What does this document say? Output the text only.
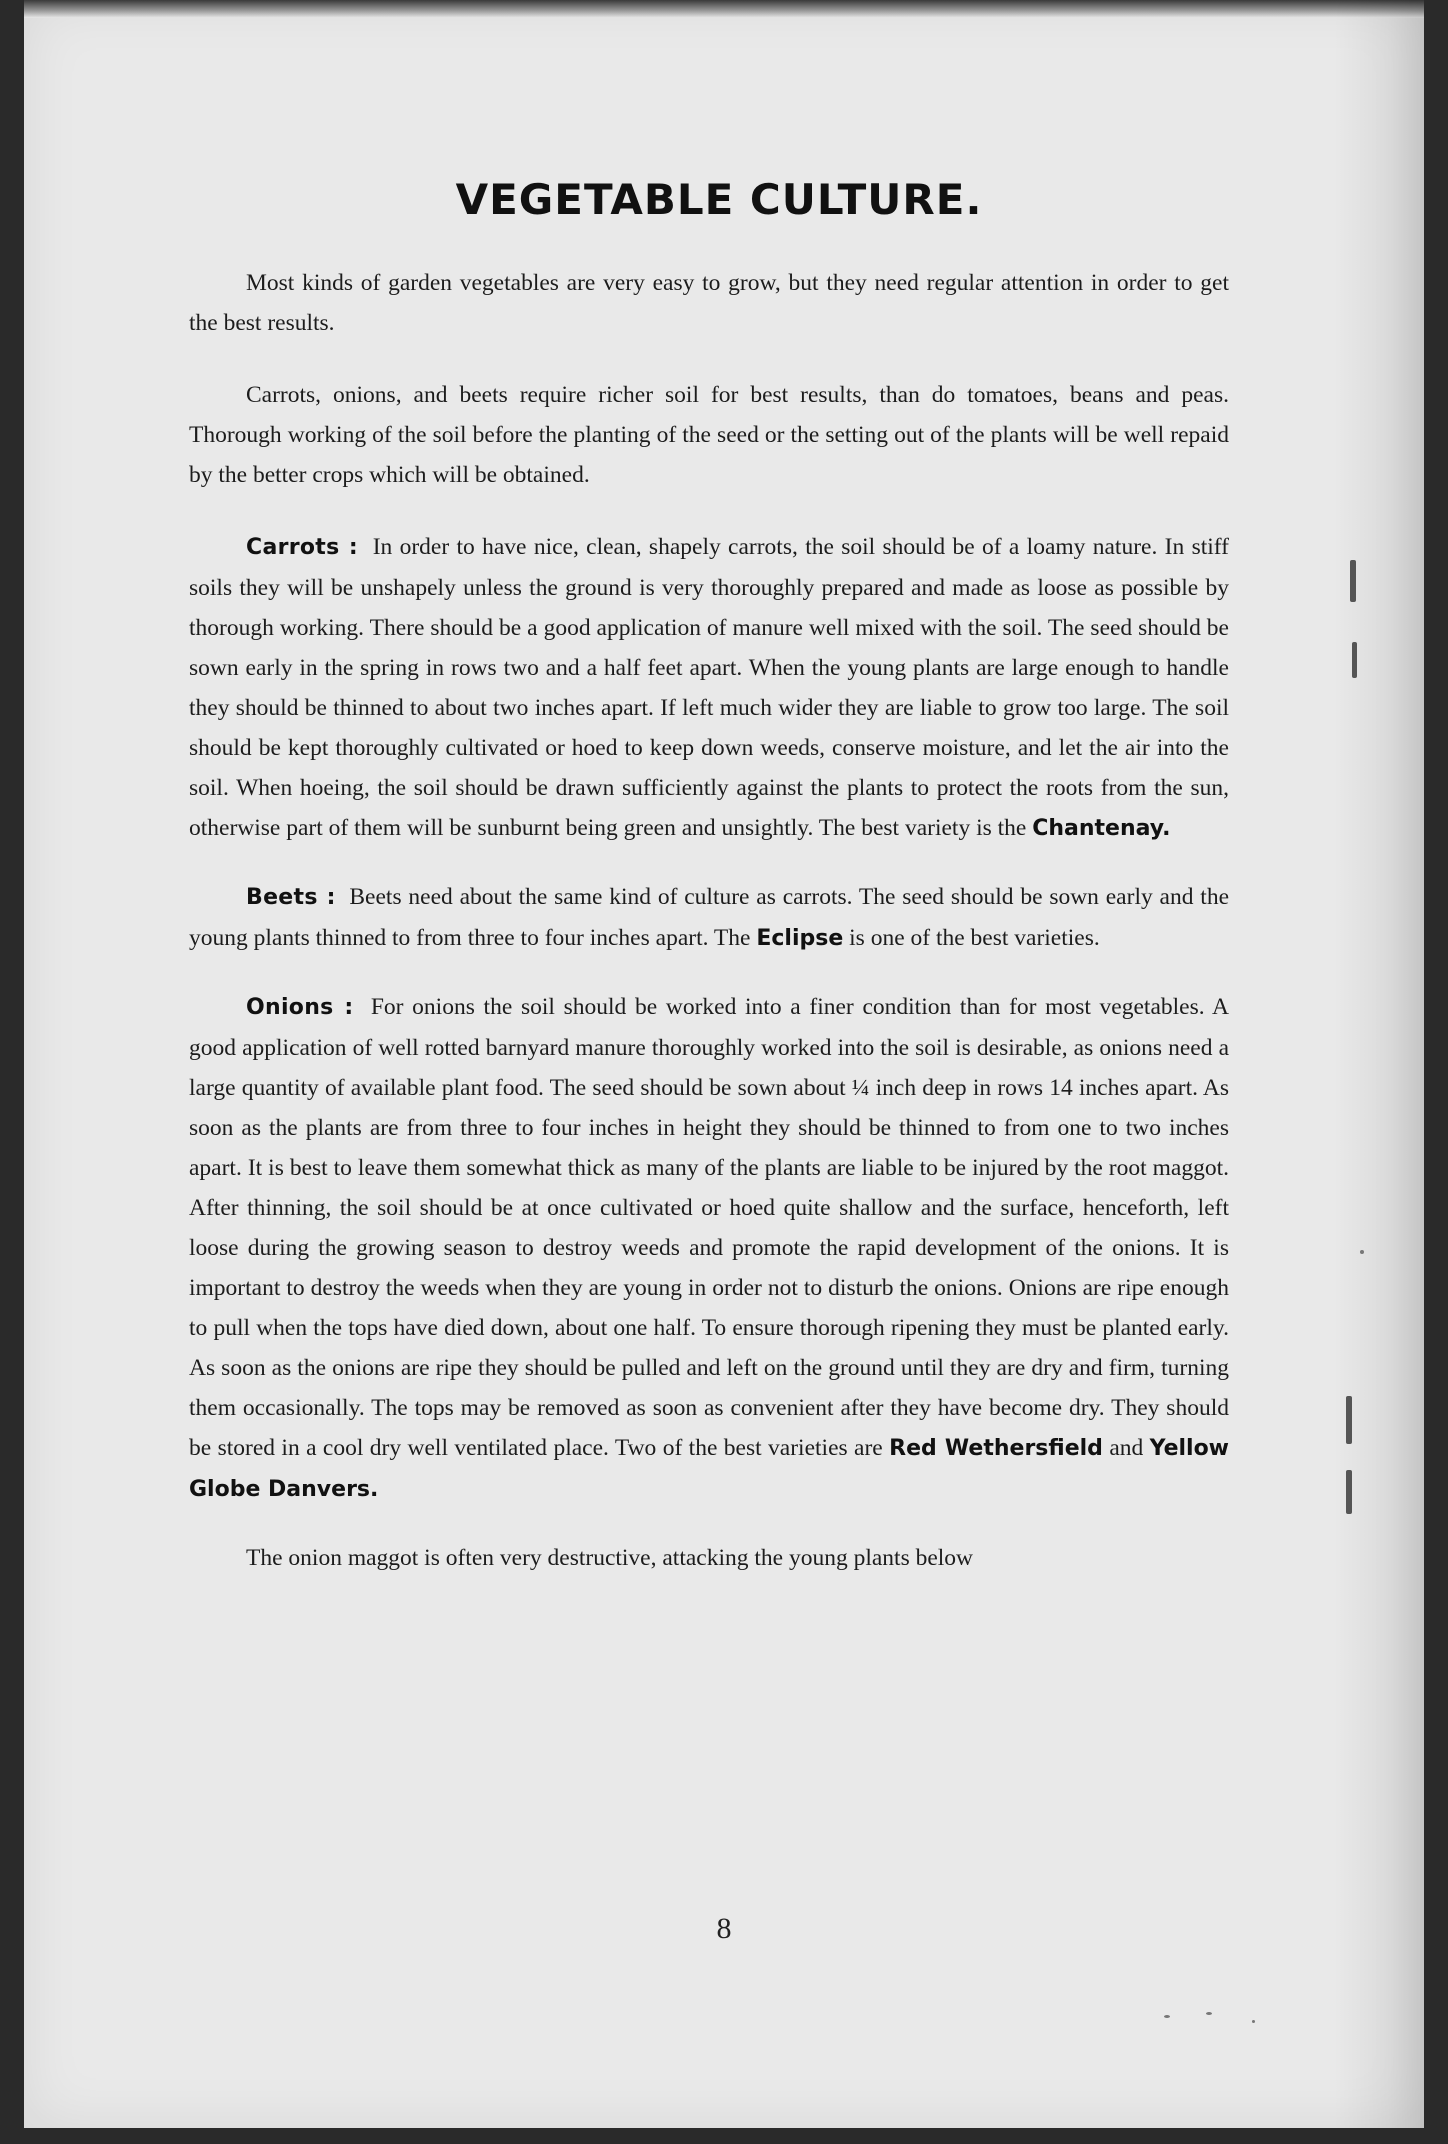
VEGETABLE CULTURE.

Most kinds of garden vegetables are very easy to grow, but they need regular attention in order to get the best results.

Carrots, onions, and beets require richer soil for best results, than do tomatoes, beans and peas. Thorough working of the soil before the planting of the seed or the setting out of the plants will be well repaid by the better crops which will be obtained.

Carrots : In order to have nice, clean, shapely carrots, the soil should be of a loamy nature. In stiff soils they will be unshapely unless the ground is very thoroughly prepared and made as loose as possible by thorough working. There should be a good application of manure well mixed with the soil. The seed should be sown early in the spring in rows two and a half feet apart. When the young plants are large enough to handle they should be thinned to about two inches apart. If left much wider they are liable to grow too large. The soil should be kept thoroughly cultivated or hoed to keep down weeds, conserve moisture, and let the air into the soil. When hoeing, the soil should be drawn sufficiently against the plants to protect the roots from the sun, otherwise part of them will be sunburnt being green and unsightly. The best variety is the Chantenay.

Beets : Beets need about the same kind of culture as carrots. The seed should be sown early and the young plants thinned to from three to four inches apart. The Eclipse is one of the best varieties.

Onions : For onions the soil should be worked into a finer condition than for most vegetables. A good application of well rotted barnyard manure thoroughly worked into the soil is desirable, as onions need a large quantity of available plant food. The seed should be sown about ¼ inch deep in rows 14 inches apart. As soon as the plants are from three to four inches in height they should be thinned to from one to two inches apart. It is best to leave them somewhat thick as many of the plants are liable to be injured by the root maggot. After thinning, the soil should be at once cultivated or hoed quite shallow and the surface, henceforth, left loose during the growing season to destroy weeds and promote the rapid development of the onions. It is important to destroy the weeds when they are young in order not to disturb the onions. Onions are ripe enough to pull when the tops have died down, about one half. To ensure thorough ripening they must be planted early. As soon as the onions are ripe they should be pulled and left on the ground until they are dry and firm, turning them occasionally. The tops may be removed as soon as convenient after they have become dry. They should be stored in a cool dry well ventilated place. Two of the best varieties are Red Wethersfield and Yellow Globe Danvers.

The onion maggot is often very destructive, attacking the young plants below

8
